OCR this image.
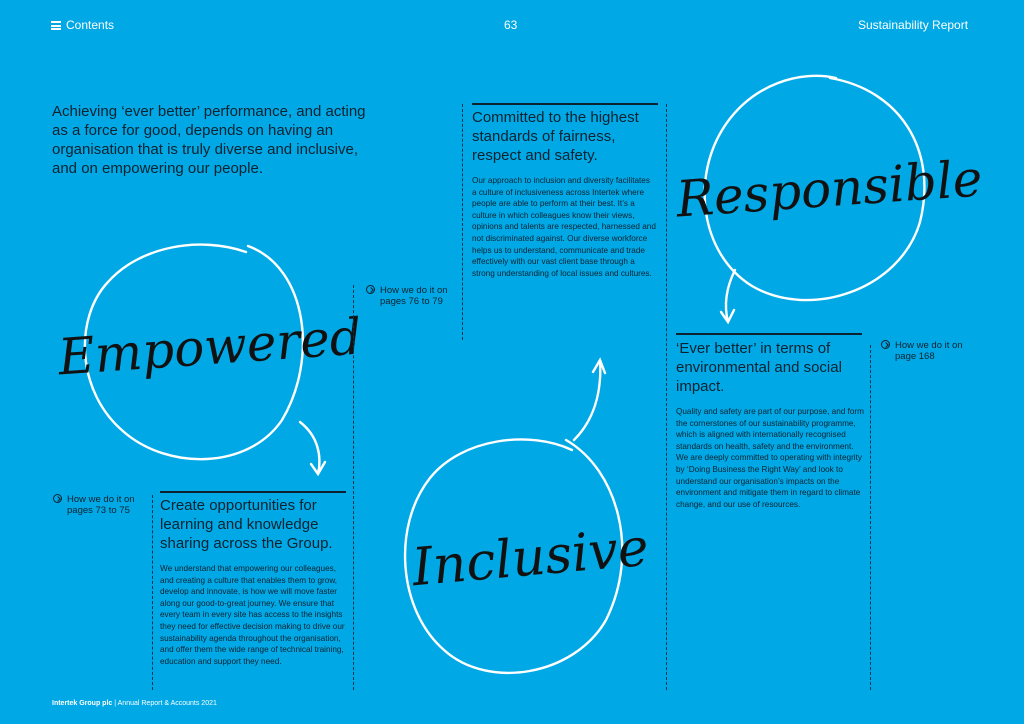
Contents	63	Sustainability Report
Achieving ‘ever better’ performance, and acting as a force for good, depends on having an organisation that is truly diverse and inclusive, and on empowering our people.
Empowered
Inclusive
Responsible
Committed to the highest standards of fairness, respect and safety.
Our approach to inclusion and diversity facilitates a culture of inclusiveness across Intertek where people are able to perform at their best. It’s a culture in which colleagues know their views, opinions and talents are respected, harnessed and not discriminated against. Our diverse workforce helps us to understand, communicate and trade effectively with our vast client base through a strong understanding of local issues and cultures.
How we do it on pages 76 to 79
Create opportunities for learning and knowledge sharing across the Group.
We understand that empowering our colleagues, and creating a culture that enables them to grow, develop and innovate, is how we will move faster along our good-to-great journey. We ensure that every team in every site has access to the insights they need for effective decision making to drive our sustainability agenda throughout the organisation, and offer them the wide range of technical training, education and support they need.
How we do it on pages 73 to 75
‘Ever better’ in terms of environmental and social impact.
Quality and safety are part of our purpose, and form the cornerstones of our sustainability programme, which is aligned with internationally recognised standards on health, safety and the environment. We are deeply committed to operating with integrity by ‘Doing Business the Right Way’ and look to understand our organisation’s impacts on the environment and mitigate them in regard to climate change, and our use of resources.
How we do it on page 168
Intertek Group plc | Annual Report & Accounts 2021
